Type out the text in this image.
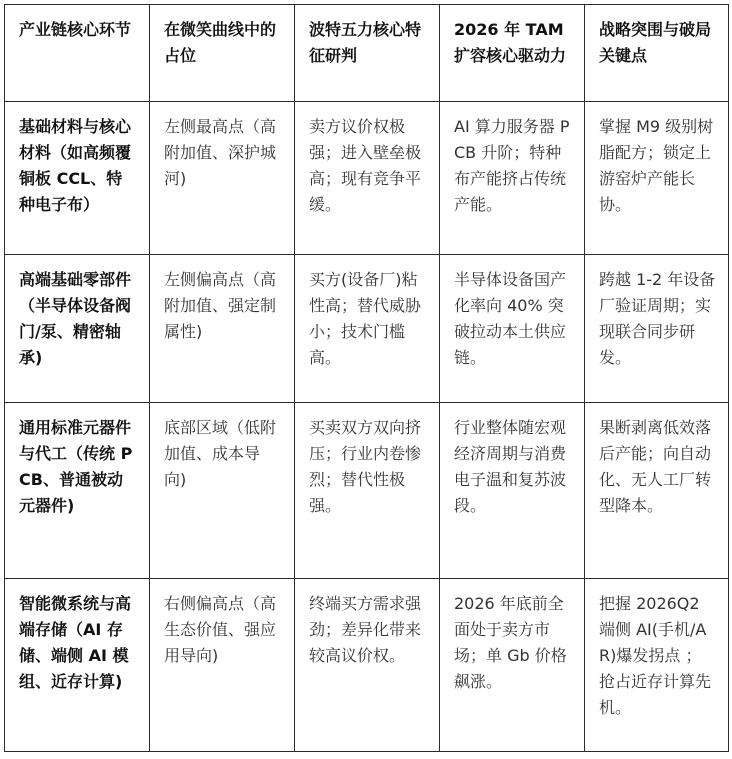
产业链核心环节	在微笑曲线中的占位	波特五力核心特征研判	2026 年 TAM 扩容核心驱动力	战略突围与破局关键点
基础材料与核心材料（如高频覆铜板 CCL、特种电子布）	左侧最高点（高附加值、深护城河)	卖方议价权极强；进入壁垒极高；现有竞争平缓。	AI 算力服务器 PCB 升阶；特种布产能挤占传统产能。	掌握 M9 级别树脂配方；锁定上游窑炉产能长协。
高端基础零部件（半导体设备阀门/泵、精密轴承)	左侧偏高点（高附加值、强定制属性)	买方(设备厂)粘性高；替代威胁小；技术门槛高。	半导体设备国产化率向 40% 突破拉动本土供应链。	跨越 1-2 年设备厂验证周期；实现联合同步研发。
通用标准元器件与代工（传统 PCB、普通被动元器件)	底部区域（低附加值、成本导向)	买卖双方双向挤压；行业内卷惨烈；替代性极强。	行业整体随宏观经济周期与消费电子温和复苏波段。	果断剥离低效落后产能；向自动化、无人工厂转型降本。
智能微系统与高端存储（AI 存储、端侧 AI 模组、近存计算)	右侧偏高点（高生态价值、强应用导向)	终端买方需求强劲；差异化带来较高议价权。	2026 年底前全面处于卖方市场；单 Gb 价格飙涨。	把握 2026Q2 端侧 AI(手机/AR)爆发拐点 ；抢占近存计算先机。
